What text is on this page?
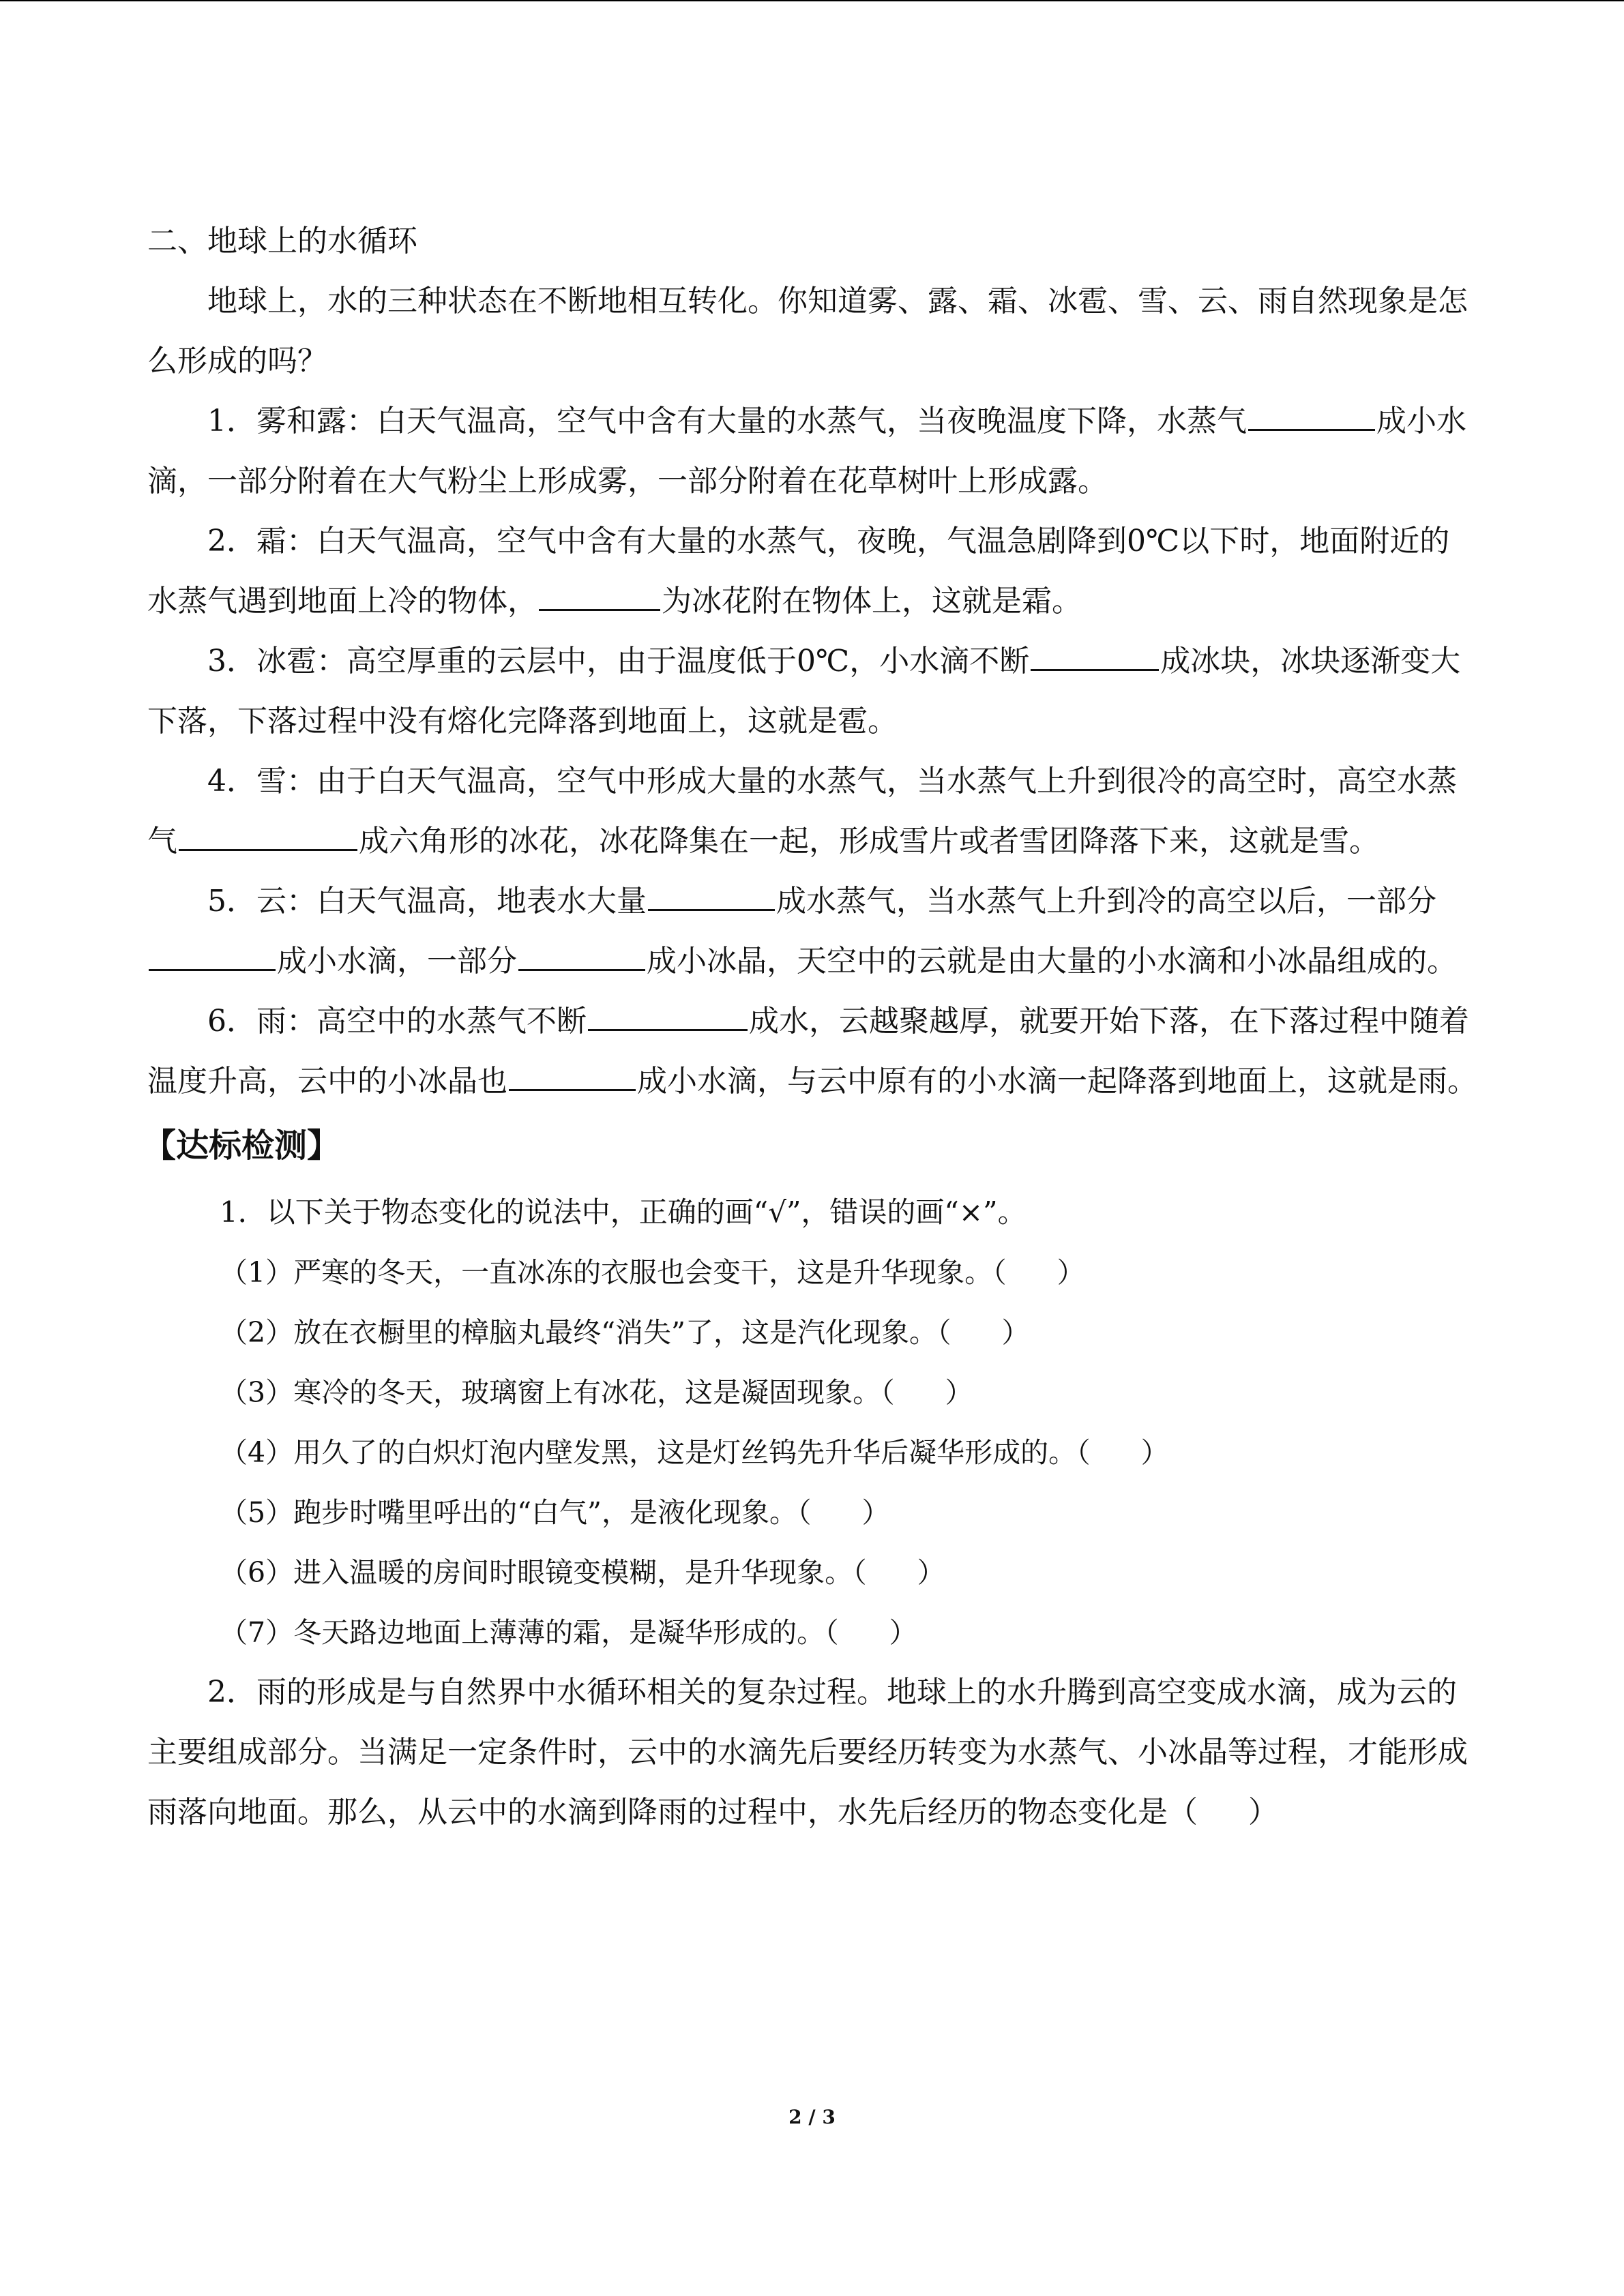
二、地球上的水循环

地球上，水的三种状态在不断地相互转化。你知道雾、露、霜、冰雹、雪、云、雨自然现象是怎么形成的吗？

1．雾和露：白天气温高，空气中含有大量的水蒸气，当夜晚温度下降，水蒸气	成小水滴，一部分附着在大气粉尘上形成雾，一部分附着在花草树叶上形成露。

2．霜：白天气温高，空气中含有大量的水蒸气，夜晚，气温急剧降到0℃以下时，地面附近的水蒸气遇到地面上冷的物体，	为冰花附在物体上，这就是霜。

3．冰雹：高空厚重的云层中，由于温度低于0℃，小水滴不断	成冰块，冰块逐渐变大下落，下落过程中没有熔化完降落到地面上，这就是雹。

4．雪：由于白天气温高，空气中形成大量的水蒸气，当水蒸气上升到很冷的高空时，高空水蒸气	成六角形的冰花，冰花降集在一起，形成雪片或者雪团降落下来，这就是雪。

5．云：白天气温高，地表水大量	成水蒸气，当水蒸气上升到冷的高空以后，一部分成小水滴，一部分	成小冰晶，天空中的云就是由大量的小水滴和小冰晶组成的。

6．雨：高空中的水蒸气不断	成水，云越聚越厚，就要开始下落，在下落过程中随着温度升高，云中的小冰晶也	成小水滴，与云中原有的小水滴一起降落到地面上，这就是雨。

【达标检测】

1．以下关于物态变化的说法中，正确的画“√”，错误的画“×”。

（1）严寒的冬天，一直冰冻的衣服也会变干，这是升华现象。（ ）
（2）放在衣橱里的樟脑丸最终“消失”了，这是汽化现象。（ ）
（3）寒冷的冬天，玻璃窗上有冰花，这是凝固现象。（ ）
（4）用久了的白炽灯泡内壁发黑，这是灯丝钨先升华后凝华形成的。（ ）
（5）跑步时嘴里呼出的“白气”，是液化现象。（ ）
（6）进入温暖的房间时眼镜变模糊，是升华现象。（ ）
（7）冬天路边地面上薄薄的霜，是凝华形成的。（ ）

2．雨的形成是与自然界中水循环相关的复杂过程。地球上的水升腾到高空变成水滴，成为云的主要组成部分。当满足一定条件时，云中的水滴先后要经历转变为水蒸气、小冰晶等过程，才能形成雨落向地面。那么，从云中的水滴到降雨的过程中，水先后经历的物态变化是（ ）

2 / 3
